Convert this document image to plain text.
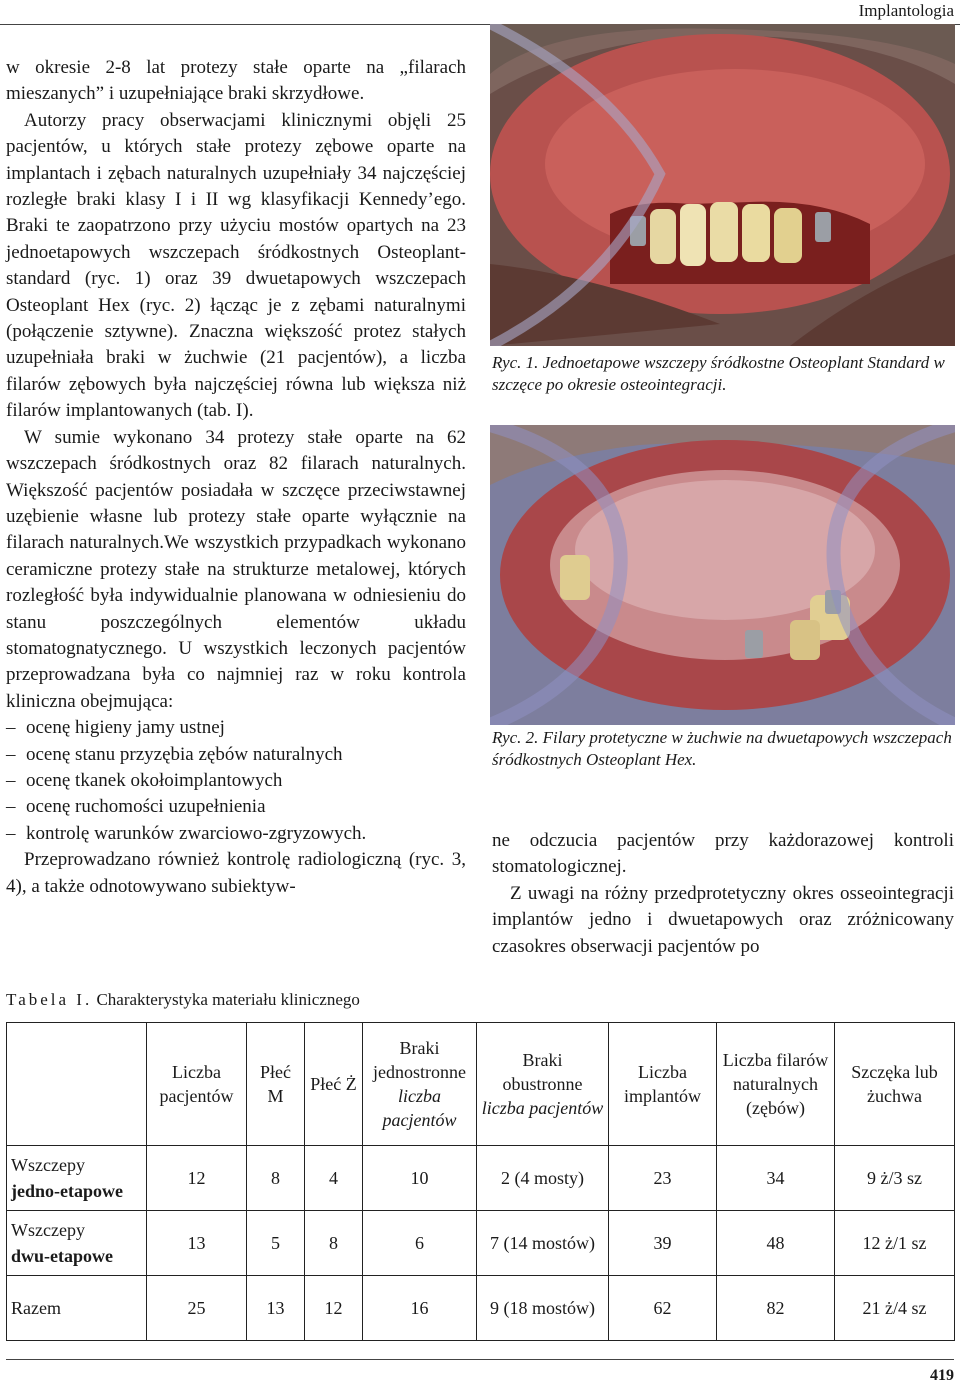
Implantologia

w okresie 2-8 lat protezy stałe oparte na „filarach mieszanych” i uzupełniające braki skrzydłowe.

Autorzy pracy obserwacjami klinicznymi objęli 25 pacjentów, u których stałe protezy zębowe oparte na implantach i zębach naturalnych uzupełniały 34 najczęściej rozległe braki klasy I i II wg klasyfikacji Kennedy’ego. Braki te zaopatrzono przy użyciu mostów opartych na 23 jednoetapowych wszczepach śródkostnych Osteoplant-standard (ryc. 1) oraz 39 dwuetapowych wszczepach Osteoplant Hex (ryc. 2) łącząc je z zębami naturalnymi (połączenie sztywne). Znaczna większość protez stałych uzupełniała braki w żuchwie (21 pacjentów), a liczba filarów zębowych była najczęściej równa lub większa niż filarów implantowanych (tab. I).

W sumie wykonano 34 protezy stałe oparte na 62 wszczepach śródkostnych oraz 82 filarach naturalnych. Większość pacjentów posiadała w szczęce przeciwstawnej uzębienie własne lub protezy stałe oparte wyłącznie na filarach naturalnych.We wszystkich przypadkach wykonano ceramiczne protezy stałe na strukturze metalowej, których rozległość była indywidualnie planowana w odniesieniu do stanu poszczególnych elementów układu stomatognatycznego. U wszystkich leczonych pacjentów przeprowadzana była co najmniej raz w roku kontrola kliniczna obejmująca:

– ocenę higieny jamy ustnej
– ocenę stanu przyzębia zębów naturalnych
– ocenę tkanek okołoimplantowych
– ocenę ruchomości uzupełnienia
– kontrolę warunków zwarciowo-zgryzowych.

Przeprowadzano również kontrolę radiologiczną (ryc. 3, 4), a także odnotowywano subiektyw-

Ryc. 1. Jednoetapowe wszczepy śródkostne Osteoplant Standard w szczęce po okresie osteointegracji.
Ryc. 2. Filary protetyczne w żuchwie na dwuetapowych wszczepach śródkostnych Osteoplant Hex.

ne odczucia pacjentów przy każdorazowej kontroli stomatologicznej.

Z uwagi na różny przedprotetyczny okres osseointegracji implantów jedno i dwuetapowych oraz zróżnicowany czasokres obserwacji pacjentów po

Tabela I. Charakterystyka materiału klinicznego
	Liczba pacjentów	Płeć M	Płeć Ż	Braki jednostronne
liczba pacjentów	Braki obustronne
liczba pacjentów	Liczba implantów	Liczba filarów naturalnych (zębów)	Szczęka lub żuchwa
Wszczepy
jedno-etapowe	12	8	4	10	2 (4 mosty)	23	34	9 ż/3 sz
Wszczepy
dwu-etapowe	13	5	8	6	7 (14 mostów)	39	48	12 ż/1 sz
Razem	25	13	12	16	9 (18 mostów)	62	82	21 ż/4 sz
419
